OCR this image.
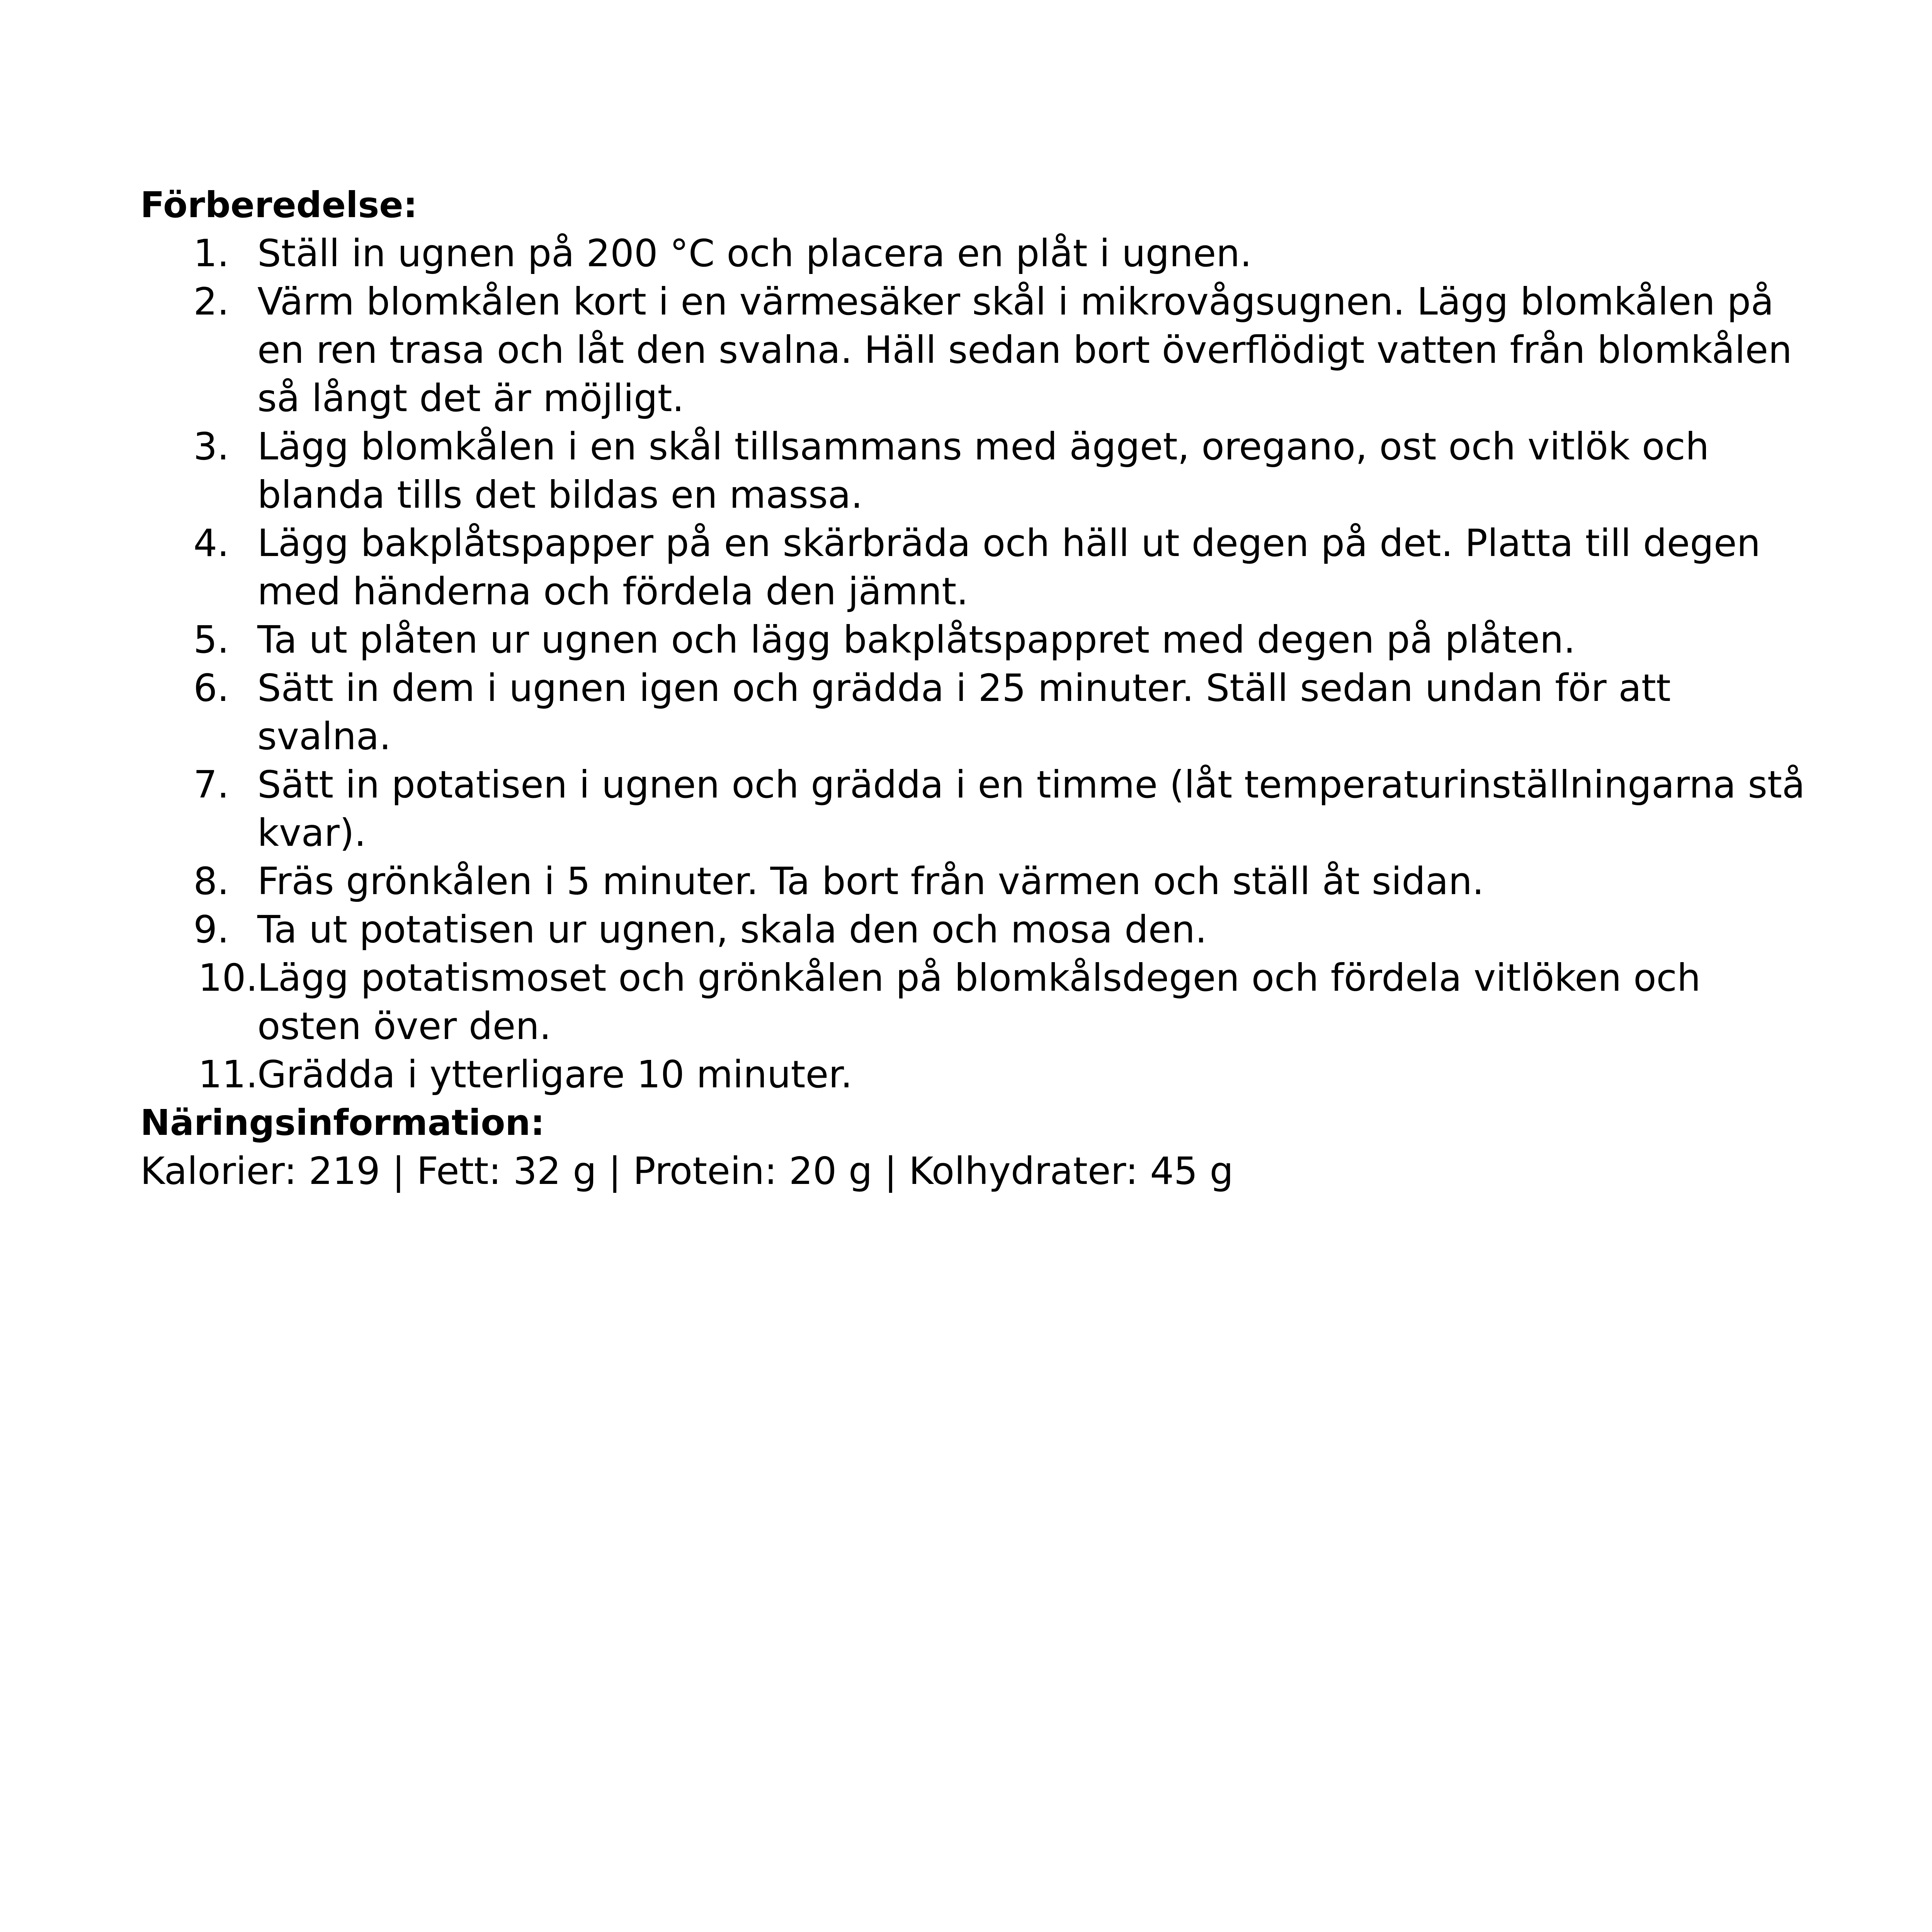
Förberedelse:
1. Ställ in ugnen på 200 °C och placera en plåt i ugnen.
2. Värm blomkålen kort i en värmesäker skål i mikrovågsugnen. Lägg blomkålen på en ren trasa och låt den svalna. Häll sedan bort överflödigt vatten från blomkålen så långt det är möjligt.
3. Lägg blomkålen i en skål tillsammans med ägget, oregano, ost och vitlök och blanda tills det bildas en massa.
4. Lägg bakplåtspapper på en skärbräda och häll ut degen på det. Platta till degen med händerna och fördela den jämnt.
5. Ta ut plåten ur ugnen och lägg bakplåtspappret med degen på plåten.
6. Sätt in dem i ugnen igen och grädda i 25 minuter. Ställ sedan undan för att svalna.
7. Sätt in potatisen i ugnen och grädda i en timme (låt temperaturinställningarna stå kvar).
8. Fräs grönkålen i 5 minuter. Ta bort från värmen och ställ åt sidan.
9. Ta ut potatisen ur ugnen, skala den och mosa den.
10.
Lägg potatismoset och grönkålen på blomkålsdegen och fördela vitlöken och osten över den.
11.
Grädda i ytterligare 10 minuter.
Näringsinformation:

Kalorier: 219 | Fett: 32 g | Protein: 20 g | Kolhydrater: 45 g
